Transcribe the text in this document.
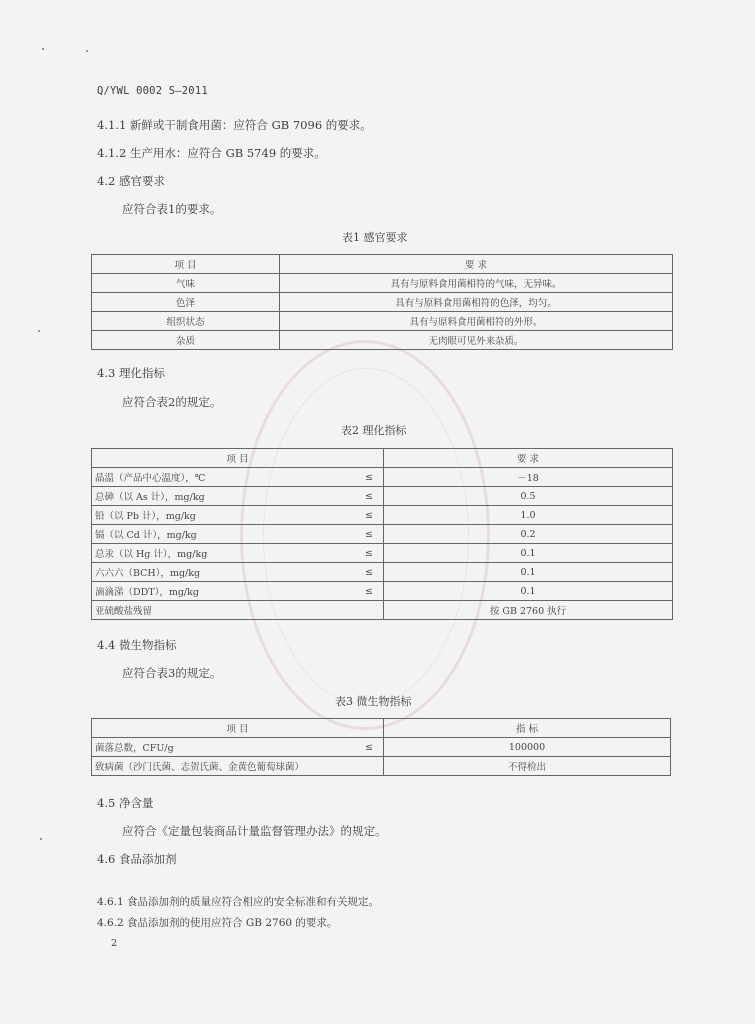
Q/YWL 0002 S—2011
4.1.1 新鲜或干制食用菌：应符合 GB 7096 的要求。
4.1.2 生产用水：应符合 GB 5749 的要求。
4.2 感官要求
应符合表1的要求。
表1 感官要求
项 目	要 求
气味	具有与原料食用菌相符的气味，无异味。
色泽	具有与原料食用菌相符的色泽，均匀。
组织状态	具有与原料食用菌相符的外形。
杂质	无肉眼可见外来杂质。
4.3 理化指标
应符合表2的规定。
表2 理化指标
项 目		要 求
晶温（产品中心温度），℃	≤	－18
总砷（以 As 计），mg/kg	≤	0.5
铅（以 Pb 计），mg/kg	≤	1.0
镉（以 Cd 计），mg/kg	≤	0.2
总汞（以 Hg 计），mg/kg	≤	0.1
六六六（BCH），mg/kg	≤	0.1
滴滴涕（DDT），mg/kg	≤	0.1
亚硫酸盐残留		按 GB 2760 执行
4.4 微生物指标
应符合表3的规定。
表3 微生物指标
项 目		指 标
菌落总数，CFU/g	≤	100000
致病菌（沙门氏菌、志贺氏菌、金黄色葡萄球菌）		不得检出
4.5 净含量
应符合《定量包装商品计量监督管理办法》的规定。
4.6 食品添加剂
4.6.1 食品添加剂的质量应符合相应的安全标准和有关规定。
4.6.2 食品添加剂的使用应符合 GB 2760 的要求。
2
